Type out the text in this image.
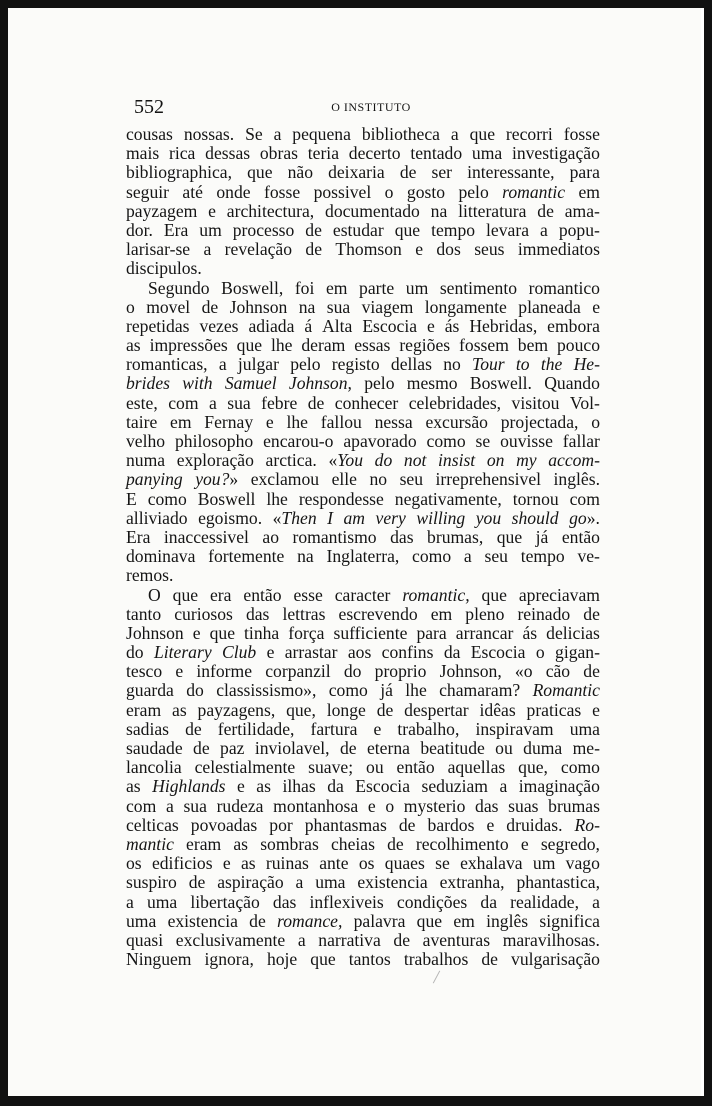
552	O INSTITUTO
cousas nossas. Se a pequena bibliotheca a que recorri fosse
mais rica dessas obras teria decerto tentado uma investigação
bibliographica, que não deixaria de ser interessante, para
seguir até onde fosse possivel o gosto pelo romantic em
payzagem e architectura, documentado na litteratura de ama-
dor. Era um processo de estudar que tempo levara a popu-
larisar-se a revelação de Thomson e dos seus immediatos
discipulos.
Segundo Boswell, foi em parte um sentimento romantico
o movel de Johnson na sua viagem longamente planeada e
repetidas vezes adiada á Alta Escocia e ás Hebridas, embora
as impressões que lhe deram essas regiões fossem bem pouco
romanticas, a julgar pelo registo dellas no Tour to the He-
brides with Samuel Johnson, pelo mesmo Boswell. Quando
este, com a sua febre de conhecer celebridades, visitou Vol-
taire em Fernay e lhe fallou nessa excursão projectada, o
velho philosopho encarou-o apavorado como se ouvisse fallar
numa exploração arctica. «You do not insist on my accom-
panying you?» exclamou elle no seu irreprehensivel inglês.
E como Boswell lhe respondesse negativamente, tornou com
alliviado egoismo. «Then I am very willing you should go».
Era inaccessivel ao romantismo das brumas, que já então
dominava fortemente na Inglaterra, como a seu tempo ve-
remos.
O que era então esse caracter romantic, que apreciavam
tanto curiosos das lettras escrevendo em pleno reinado de
Johnson e que tinha força sufficiente para arrancar ás delicias
do Literary Club e arrastar aos confins da Escocia o gigan-
tesco e informe corpanzil do proprio Johnson, «o cão de
guarda do classissismo», como já lhe chamaram? Romantic
eram as payzagens, que, longe de despertar idêas praticas e
sadias de fertilidade, fartura e trabalho, inspiravam uma
saudade de paz inviolavel, de eterna beatitude ou duma me-
lancolia celestialmente suave; ou então aquellas que, como
as Highlands e as ilhas da Escocia seduziam a imaginação
com a sua rudeza montanhosa e o mysterio das suas brumas
celticas povoadas por phantasmas de bardos e druidas. Ro-
mantic eram as sombras cheias de recolhimento e segredo,
os edificios e as ruinas ante os quaes se exhalava um vago
suspiro de aspiração a uma existencia extranha, phantastica,
a uma libertação das inflexiveis condições da realidade, a
uma existencia de romance, palavra que em inglês significa
quasi exclusivamente a narrativa de aventuras maravilhosas.
Ninguem ignora, hoje que tantos trabalhos de vulgarisação
